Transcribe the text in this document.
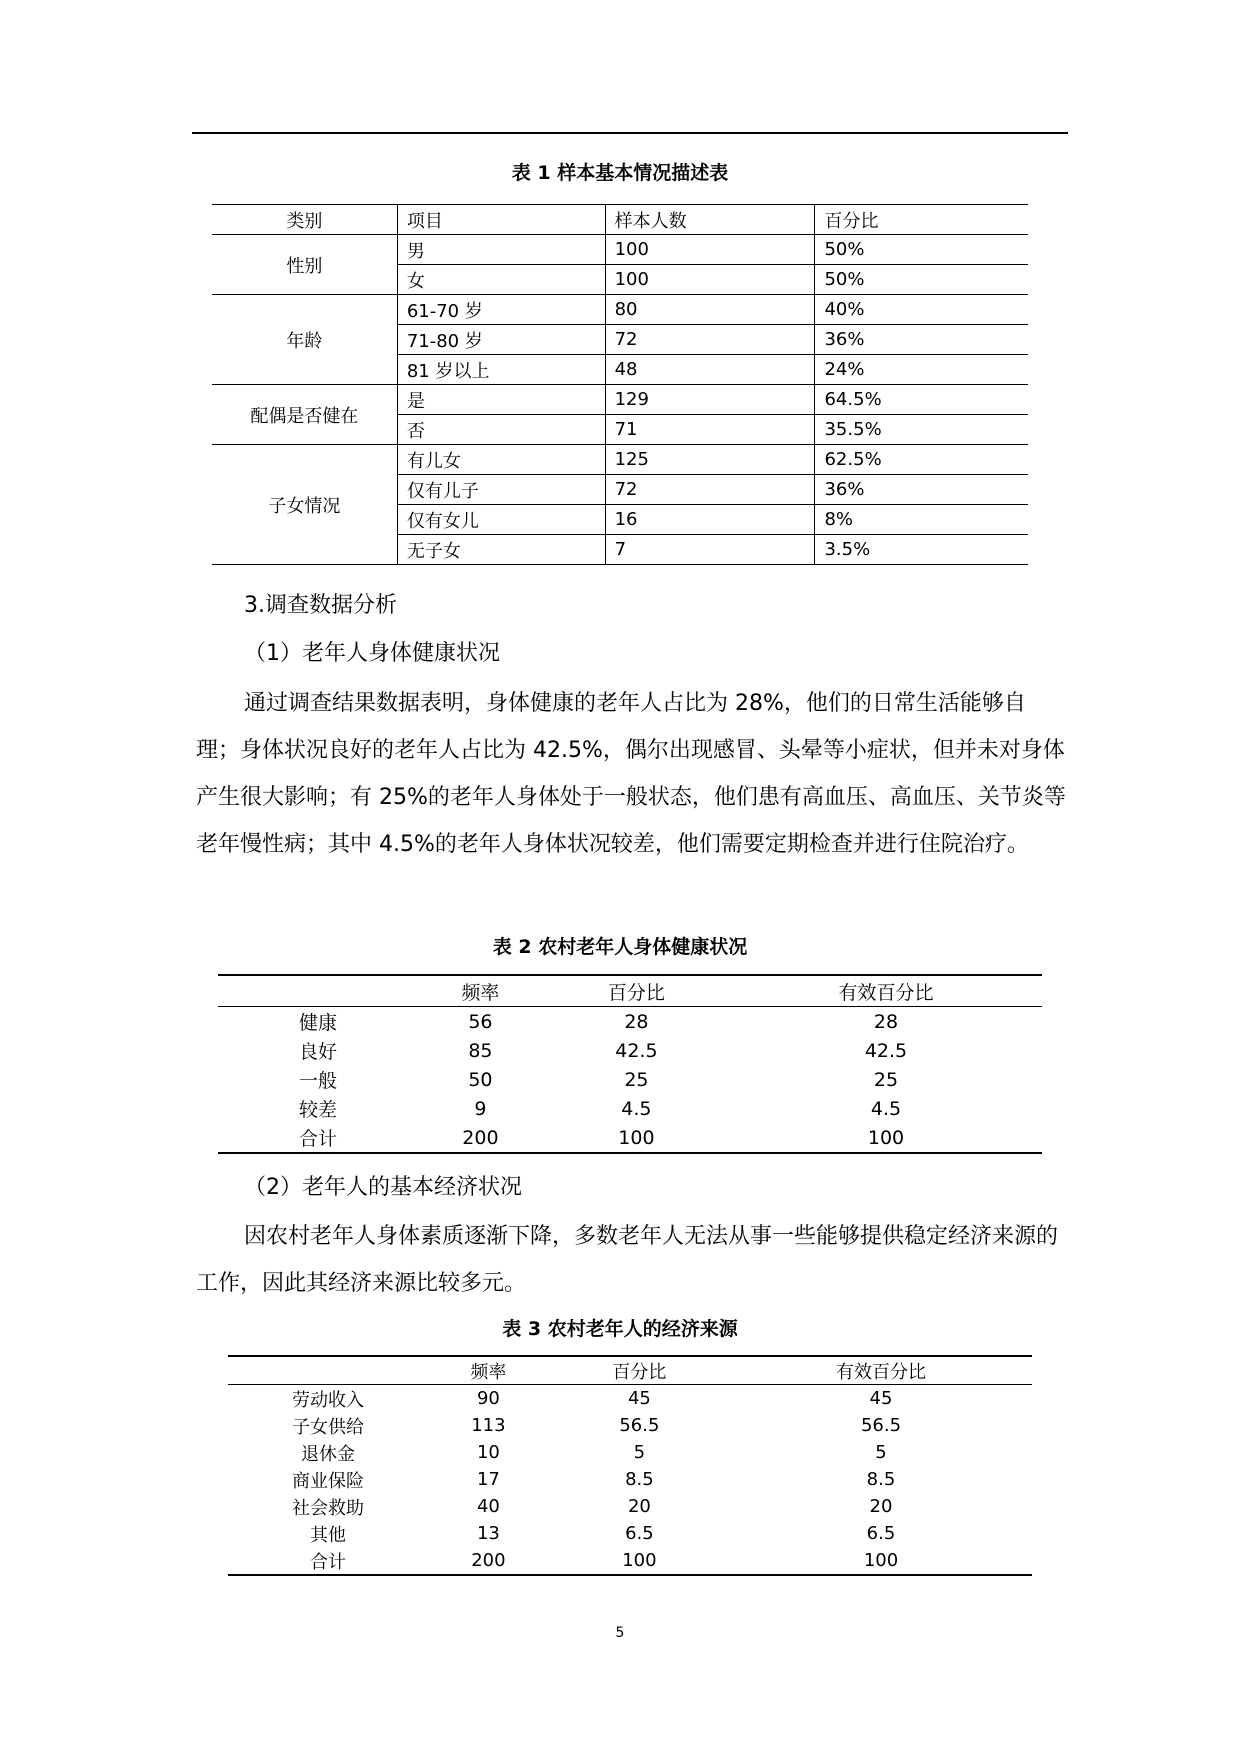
表 1 样本基本情况描述表
类别	项目	样本人数	百分比
性别	男	100	50%
	女	100	50%
年龄	61-70 岁	80	40%
	71-80 岁	72	36%
	81 岁以上	48	24%
配偶是否健在	是	129	64.5%
	否	71	35.5%
子女情况	有儿女	125	62.5%
	仅有儿子	72	36%
	仅有女儿	16	8%
	无子女	7	3.5%
3.调查数据分析
（1）老年人身体健康状况

通过调查结果数据表明，身体健康的老年人占比为 28%，他们的日常生活能够自理；身体状况良好的老年人占比为 42.5%，偶尔出现感冒、头晕等小症状，但并未对身体产生很大影响；有 25%的老年人身体处于一般状态，他们患有高血压、高血压、关节炎等老年慢性病；其中 4.5%的老年人身体状况较差，他们需要定期检查并进行住院治疗。

表 2 农村老年人身体健康状况
	频率	百分比	有效百分比
健康	56	28	28
良好	85	42.5	42.5
一般	50	25	25
较差	9	4.5	4.5
合计	200	100	100
（2）老年人的基本经济状况

因农村老年人身体素质逐渐下降，多数老年人无法从事一些能够提供稳定经济来源的工作，因此其经济来源比较多元。

表 3 农村老年人的经济来源
	频率	百分比	有效百分比
劳动收入	90	45	45
子女供给	113	56.5	56.5
退休金	10	5	5
商业保险	17	8.5	8.5
社会救助	40	20	20
其他	13	6.5	6.5
合计	200	100	100
5
